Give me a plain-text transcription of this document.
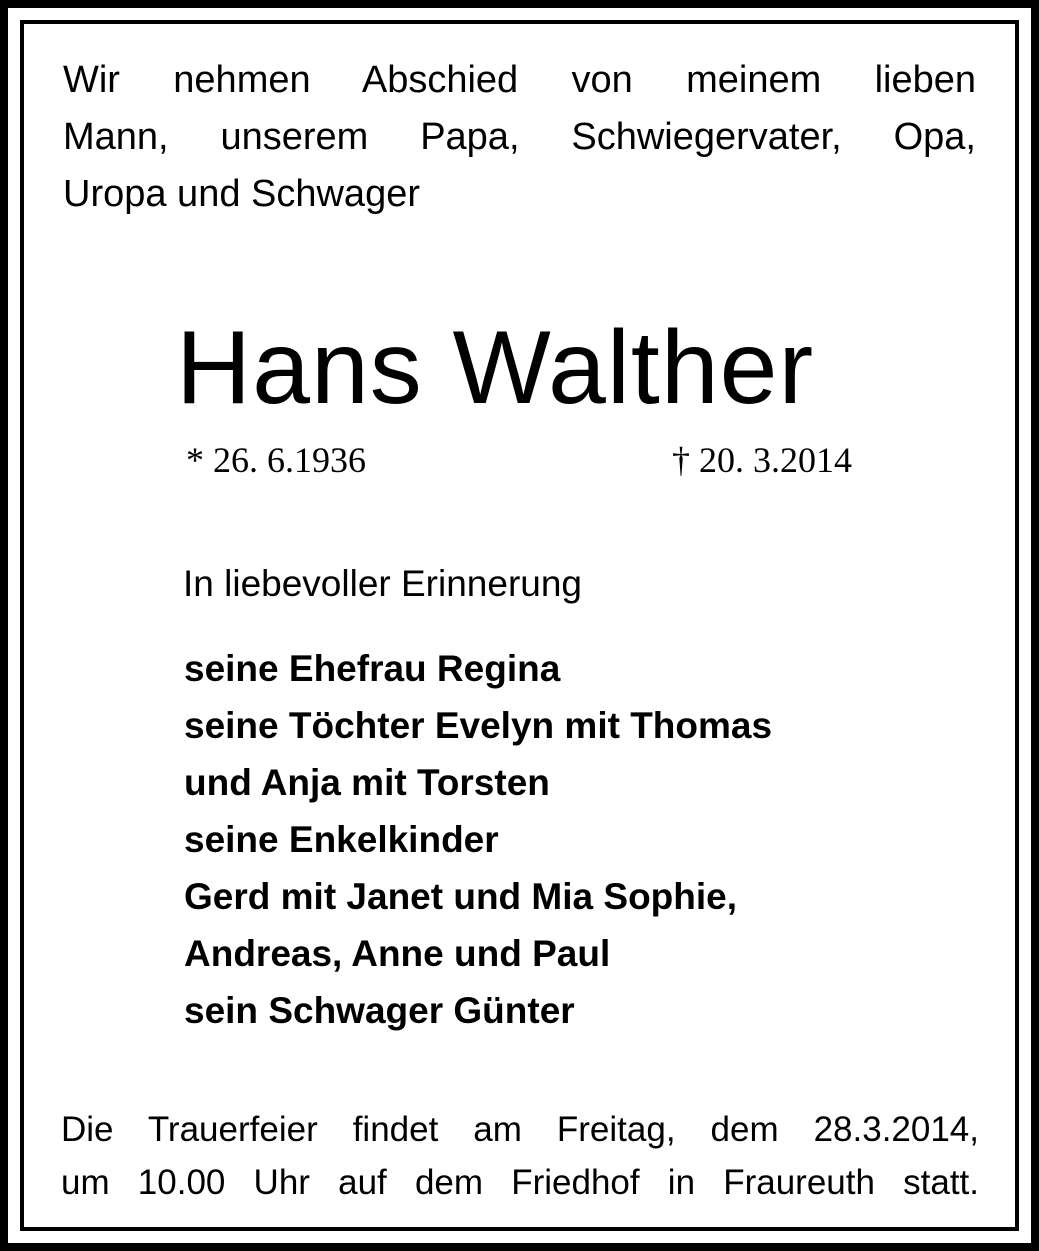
Wir nehmen Abschied von meinem lieben
Mann, unserem Papa, Schwiegervater, Opa,
Uropa und Schwager

Hans Walther
* 26. 6.1936	† 20. 3.2014

In liebevoller Erinnerung

seine Ehefrau Regina
seine Töchter Evelyn mit Thomas
und Anja mit Torsten
seine Enkelkinder
Gerd mit Janet und Mia Sophie,
Andreas, Anne und Paul
sein Schwager Günter

Die Trauerfeier findet am Freitag, dem 28.3.2014,
um 10.00 Uhr auf dem Friedhof in Fraureuth statt.
